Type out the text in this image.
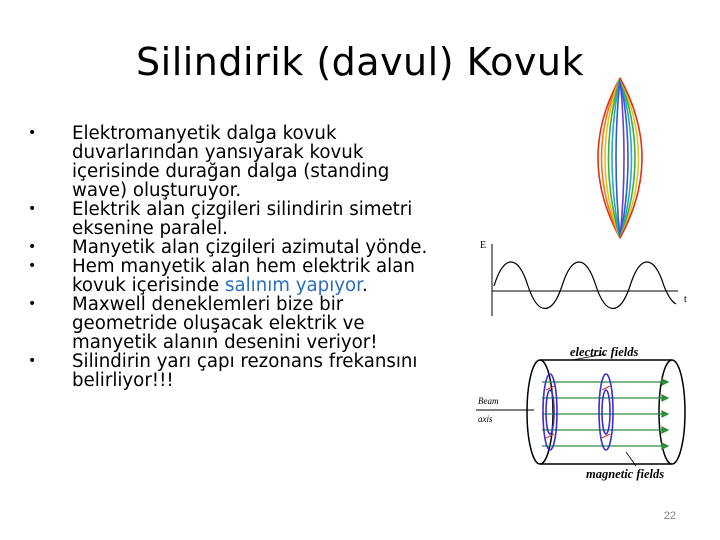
Silindirik (davul) Kovuk
• Elektromanyetik dalga kovuk duvarlarından yansıyarak kovuk içerisinde durağan dalga (standing wave) oluşturuyor.
• Elektrik alan çizgileri silindirin simetri eksenine paralel.
• Manyetik alan çizgileri azimutal yönde.
• Hem manyetik alan hem elektrik alan kovuk içerisinde salınım yapıyor.
• Maxwell deneklemleri bize bir geometride oluşacak elektrik ve manyetik alanın desenini veriyor!
• Silindirin yarı çapı rezonans frekansını belirliyor!!!
E
t
electric fields
magnetic fields
Beam
axis
22
